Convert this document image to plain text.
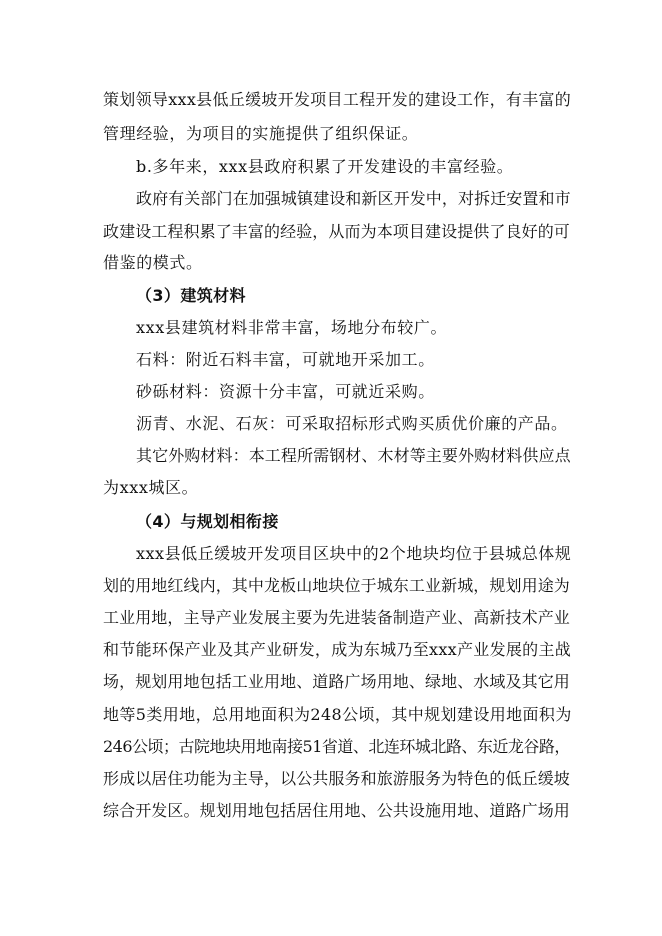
策划领导xxx县低丘缓坡开发项目工程开发的建设工作，有丰富的
管理经验，为项目的实施提供了组织保证。
b.多年来，xxx县政府积累了开发建设的丰富经验。
政府有关部门在加强城镇建设和新区开发中，对拆迁安置和市
政建设工程积累了丰富的经验，从而为本项目建设提供了良好的可
借鉴的模式。
（3）建筑材料
xxx县建筑材料非常丰富，场地分布较广。
石料：附近石料丰富，可就地开采加工。
砂砾材料：资源十分丰富，可就近采购。
沥青、水泥、石灰：可采取招标形式购买质优价廉的产品。
其它外购材料：本工程所需钢材、木材等主要外购材料供应点
为xxx城区。
（4）与规划相衔接
xxx县低丘缓坡开发项目区块中的2个地块均位于县城总体规
划的用地红线内，其中龙板山地块位于城东工业新城，规划用途为
工业用地，主导产业发展主要为先进装备制造产业、高新技术产业
和节能环保产业及其产业研发，成为东城乃至xxx产业发展的主战
场，规划用地包括工业用地、道路广场用地、绿地、水域及其它用
地等5类用地，总用地面积为248公顷，其中规划建设用地面积为
246公顷；古院地块用地南接51省道、北连环城北路、东近龙谷路，
形成以居住功能为主导，以公共服务和旅游服务为特色的低丘缓坡
综合开发区。规划用地包括居住用地、公共设施用地、道路广场用
